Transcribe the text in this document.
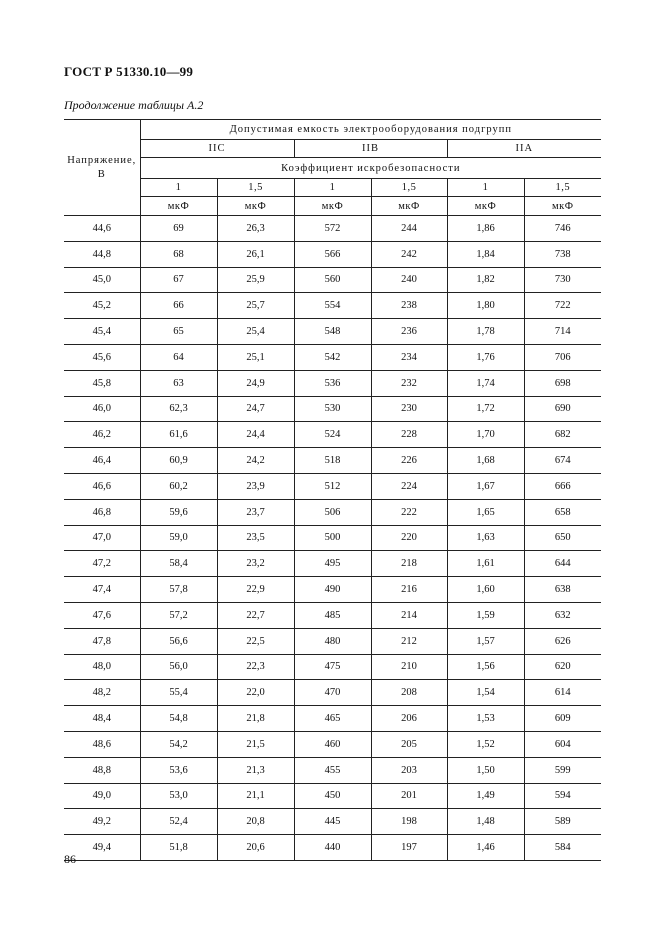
ГОСТ Р 51330.10—99
Продолжение таблицы А.2
Напряжение, В	Допустимая емкость электрооборудования подгрупп					
	IIC		IIB		IIA	
	Коэффициент искробезопасности					
	1	1,5	1	1,5	1	1,5
	мкФ	мкФ	мкФ	мкФ	мкФ	мкФ
44,6	69	26,3	572	244	1,86	746
44,8	68	26,1	566	242	1,84	738
45,0	67	25,9	560	240	1,82	730
45,2	66	25,7	554	238	1,80	722
45,4	65	25,4	548	236	1,78	714
45,6	64	25,1	542	234	1,76	706
45,8	63	24,9	536	232	1,74	698
46,0	62,3	24,7	530	230	1,72	690
46,2	61,6	24,4	524	228	1,70	682
46,4	60,9	24,2	518	226	1,68	674
46,6	60,2	23,9	512	224	1,67	666
46,8	59,6	23,7	506	222	1,65	658
47,0	59,0	23,5	500	220	1,63	650
47,2	58,4	23,2	495	218	1,61	644
47,4	57,8	22,9	490	216	1,60	638
47,6	57,2	22,7	485	214	1,59	632
47,8	56,6	22,5	480	212	1,57	626
48,0	56,0	22,3	475	210	1,56	620
48,2	55,4	22,0	470	208	1,54	614
48,4	54,8	21,8	465	206	1,53	609
48,6	54,2	21,5	460	205	1,52	604
48,8	53,6	21,3	455	203	1,50	599
49,0	53,0	21,1	450	201	1,49	594
49,2	52,4	20,8	445	198	1,48	589
49,4	51,8	20,6	440	197	1,46	584
86
